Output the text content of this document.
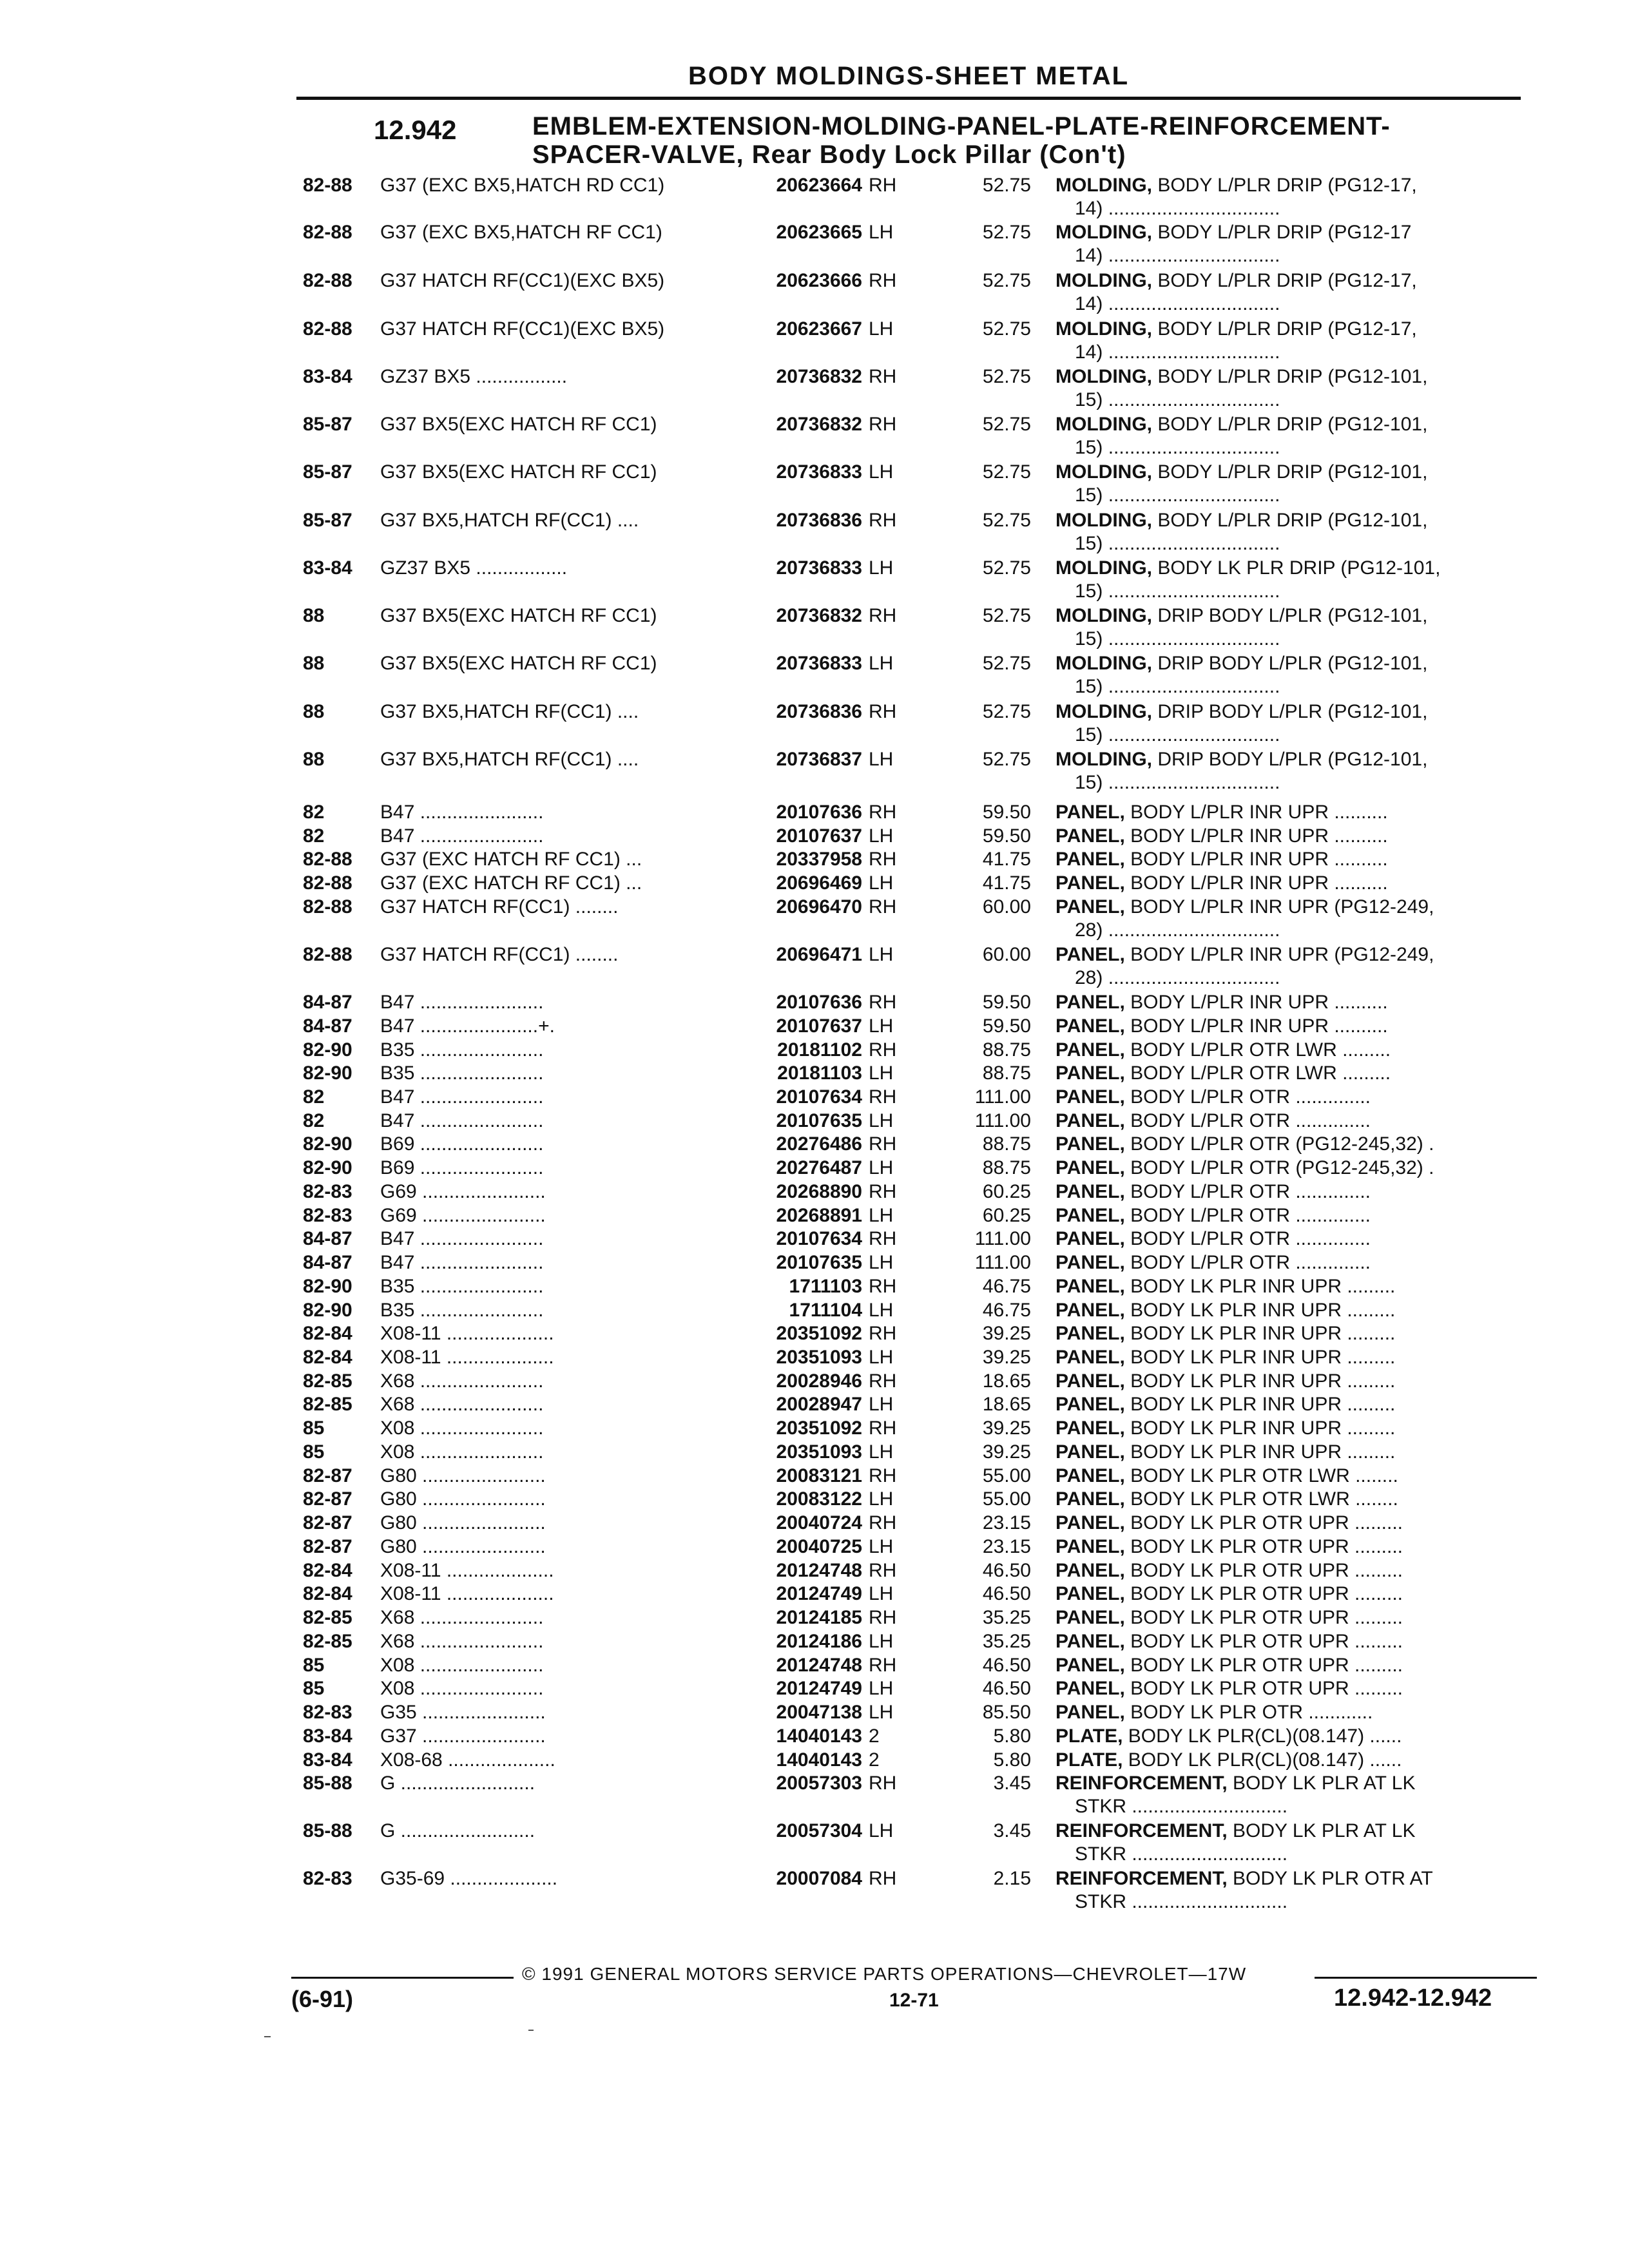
BODY MOLDINGS-SHEET METAL
12.942	EMBLEM-EXTENSION-MOLDING-PANEL-PLATE-REINFORCEMENT-
SPACER-VALVE, Rear Body Lock Pillar (Con't)
82-88	G37 (EXC BX5,HATCH RD CC1)	20623664 RH	52.75 MOLDING, BODY L/PLR DRIP (PG12-17,
14) ................................
82-88	G37 (EXC BX5,HATCH RF CC1)	20623665 LH	52.75 MOLDING, BODY L/PLR DRIP (PG12-17
14) ................................
82-88	G37 HATCH RF(CC1)(EXC BX5)	20623666 RH	52.75 MOLDING, BODY L/PLR DRIP (PG12-17,
14) ................................
82-88	G37 HATCH RF(CC1)(EXC BX5)	20623667 LH	52.75 MOLDING, BODY L/PLR DRIP (PG12-17,
14) ................................
83-84	GZ37 BX5 .................	20736832 RH	52.75 MOLDING, BODY L/PLR DRIP (PG12-101,
15) ................................
85-87	G37 BX5(EXC HATCH RF CC1)	20736832 RH	52.75 MOLDING, BODY L/PLR DRIP (PG12-101,
15) ................................
85-87	G37 BX5(EXC HATCH RF CC1)	20736833 LH	52.75 MOLDING, BODY L/PLR DRIP (PG12-101,
15) ................................
85-87	G37 BX5,HATCH RF(CC1) ....	20736836 RH	52.75 MOLDING, BODY L/PLR DRIP (PG12-101,
15) ................................
83-84	GZ37 BX5 .................	20736833 LH	52.75 MOLDING, BODY LK PLR DRIP (PG12-101,
15) ................................
88	G37 BX5(EXC HATCH RF CC1)	20736832 RH	52.75 MOLDING, DRIP BODY L/PLR (PG12-101,
15) ................................
88	G37 BX5(EXC HATCH RF CC1)	20736833 LH	52.75 MOLDING, DRIP BODY L/PLR (PG12-101,
15) ................................
88	G37 BX5,HATCH RF(CC1) ....	20736836 RH	52.75 MOLDING, DRIP BODY L/PLR (PG12-101,
15) ................................
88	G37 BX5,HATCH RF(CC1) ....	20736837 LH	52.75 MOLDING, DRIP BODY L/PLR (PG12-101,
15) ................................
82	B47 .......................	20107636 RH	59.50 PANEL, BODY L/PLR INR UPR ..........
82	B47 .......................	20107637 LH	59.50 PANEL, BODY L/PLR INR UPR ..........
82-88	G37 (EXC HATCH RF CC1) ...	20337958 RH	41.75 PANEL, BODY L/PLR INR UPR ..........
82-88	G37 (EXC HATCH RF CC1) ...	20696469 LH	41.75 PANEL, BODY L/PLR INR UPR ..........
82-88	G37 HATCH RF(CC1) ........	20696470 RH	60.00 PANEL, BODY L/PLR INR UPR (PG12-249,
28) ................................
82-88	G37 HATCH RF(CC1) ........	20696471 LH	60.00 PANEL, BODY L/PLR INR UPR (PG12-249,
28) ................................
84-87	B47 .......................	20107636 RH	59.50 PANEL, BODY L/PLR INR UPR ..........
84-87	B47 ......................+.	20107637 LH	59.50 PANEL, BODY L/PLR INR UPR ..........
82-90	B35 .......................	20181102 RH	88.75 PANEL, BODY L/PLR OTR LWR .........
82-90	B35 .......................	20181103 LH	88.75 PANEL, BODY L/PLR OTR LWR .........
82	B47 .......................	20107634 RH	111.00 PANEL, BODY L/PLR OTR ..............
82	B47 .......................	20107635 LH	111.00 PANEL, BODY L/PLR OTR ..............
82-90	B69 .......................	20276486 RH	88.75 PANEL, BODY L/PLR OTR (PG12-245,32) .
82-90	B69 .......................	20276487 LH	88.75 PANEL, BODY L/PLR OTR (PG12-245,32) .
82-83	G69 .......................	20268890 RH	60.25 PANEL, BODY L/PLR OTR ..............
82-83	G69 .......................	20268891 LH	60.25 PANEL, BODY L/PLR OTR ..............
84-87	B47 .......................	20107634 RH	111.00 PANEL, BODY L/PLR OTR ..............
84-87	B47 .......................	20107635 LH	111.00 PANEL, BODY L/PLR OTR ..............
82-90	B35 .......................	1711103 RH	46.75 PANEL, BODY LK PLR INR UPR .........
82-90	B35 .......................	1711104 LH	46.75 PANEL, BODY LK PLR INR UPR .........
82-84	X08-11 ....................	20351092 RH	39.25 PANEL, BODY LK PLR INR UPR .........
82-84	X08-11 ....................	20351093 LH	39.25 PANEL, BODY LK PLR INR UPR .........
82-85	X68 .......................	20028946 RH	18.65 PANEL, BODY LK PLR INR UPR .........
82-85	X68 .......................	20028947 LH	18.65 PANEL, BODY LK PLR INR UPR .........
85	X08 .......................	20351092 RH	39.25 PANEL, BODY LK PLR INR UPR .........
85	X08 .......................	20351093 LH	39.25 PANEL, BODY LK PLR INR UPR .........
82-87	G80 .......................	20083121 RH	55.00 PANEL, BODY LK PLR OTR LWR ........
82-87	G80 .......................	20083122 LH	55.00 PANEL, BODY LK PLR OTR LWR ........
82-87	G80 .......................	20040724 RH	23.15 PANEL, BODY LK PLR OTR UPR .........
82-87	G80 .......................	20040725 LH	23.15 PANEL, BODY LK PLR OTR UPR .........
82-84	X08-11 ....................	20124748 RH	46.50 PANEL, BODY LK PLR OTR UPR .........
82-84	X08-11 ....................	20124749 LH	46.50 PANEL, BODY LK PLR OTR UPR .........
82-85	X68 .......................	20124185 RH	35.25 PANEL, BODY LK PLR OTR UPR .........
82-85	X68 .......................	20124186 LH	35.25 PANEL, BODY LK PLR OTR UPR .........
85	X08 .......................	20124748 RH	46.50 PANEL, BODY LK PLR OTR UPR .........
85	X08 .......................	20124749 LH	46.50 PANEL, BODY LK PLR OTR UPR .........
82-83	G35 .......................	20047138 LH	85.50 PANEL, BODY LK PLR OTR ............
83-84	G37 .......................	14040143 2	5.80 PLATE, BODY LK PLR(CL)(08.147) ......
83-84	X08-68 ....................	14040143 2	5.80 PLATE, BODY LK PLR(CL)(08.147) ......
85-88	G .........................	20057303 RH	3.45 REINFORCEMENT, BODY LK PLR AT LK
STKR .............................
85-88	G .........................	20057304 LH	3.45 REINFORCEMENT, BODY LK PLR AT LK
STKR .............................
82-83	G35-69 ....................	20007084 RH	2.15 REINFORCEMENT, BODY LK PLR OTR AT
STKR .............................
© 1991 GENERAL MOTORS SERVICE PARTS OPERATIONS—CHEVROLET—17W
(6-91)	12-71	12.942-12.942
